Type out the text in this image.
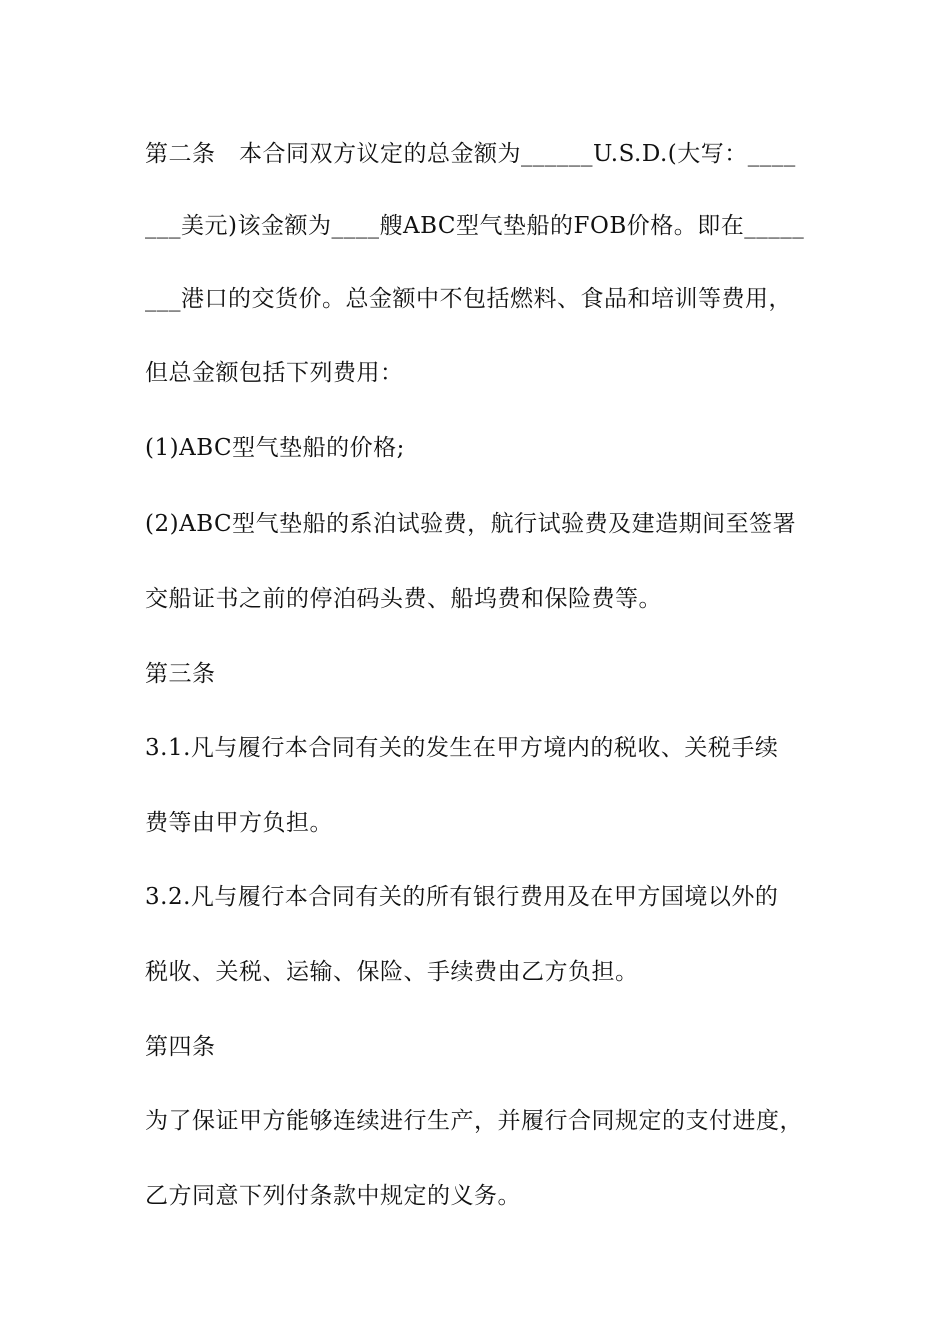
第二条　本合同双方议定的总金额为______U.S.D.(大写：____
___美元)该金额为____艘ABC型气垫船的FOB价格。即在_____
___港口的交货价。总金额中不包括燃料、食品和培训等费用，
但总金额包括下列费用：
(1)ABC型气垫船的价格;
(2)ABC型气垫船的系泊试验费，航行试验费及建造期间至签署
交船证书之前的停泊码头费、船坞费和保险费等。
第三条
3.1.凡与履行本合同有关的发生在甲方境内的税收、关税手续
费等由甲方负担。
3.2.凡与履行本合同有关的所有银行费用及在甲方国境以外的
税收、关税、运输、保险、手续费由乙方负担。
第四条
为了保证甲方能够连续进行生产，并履行合同规定的支付进度，
乙方同意下列付条款中规定的义务。
